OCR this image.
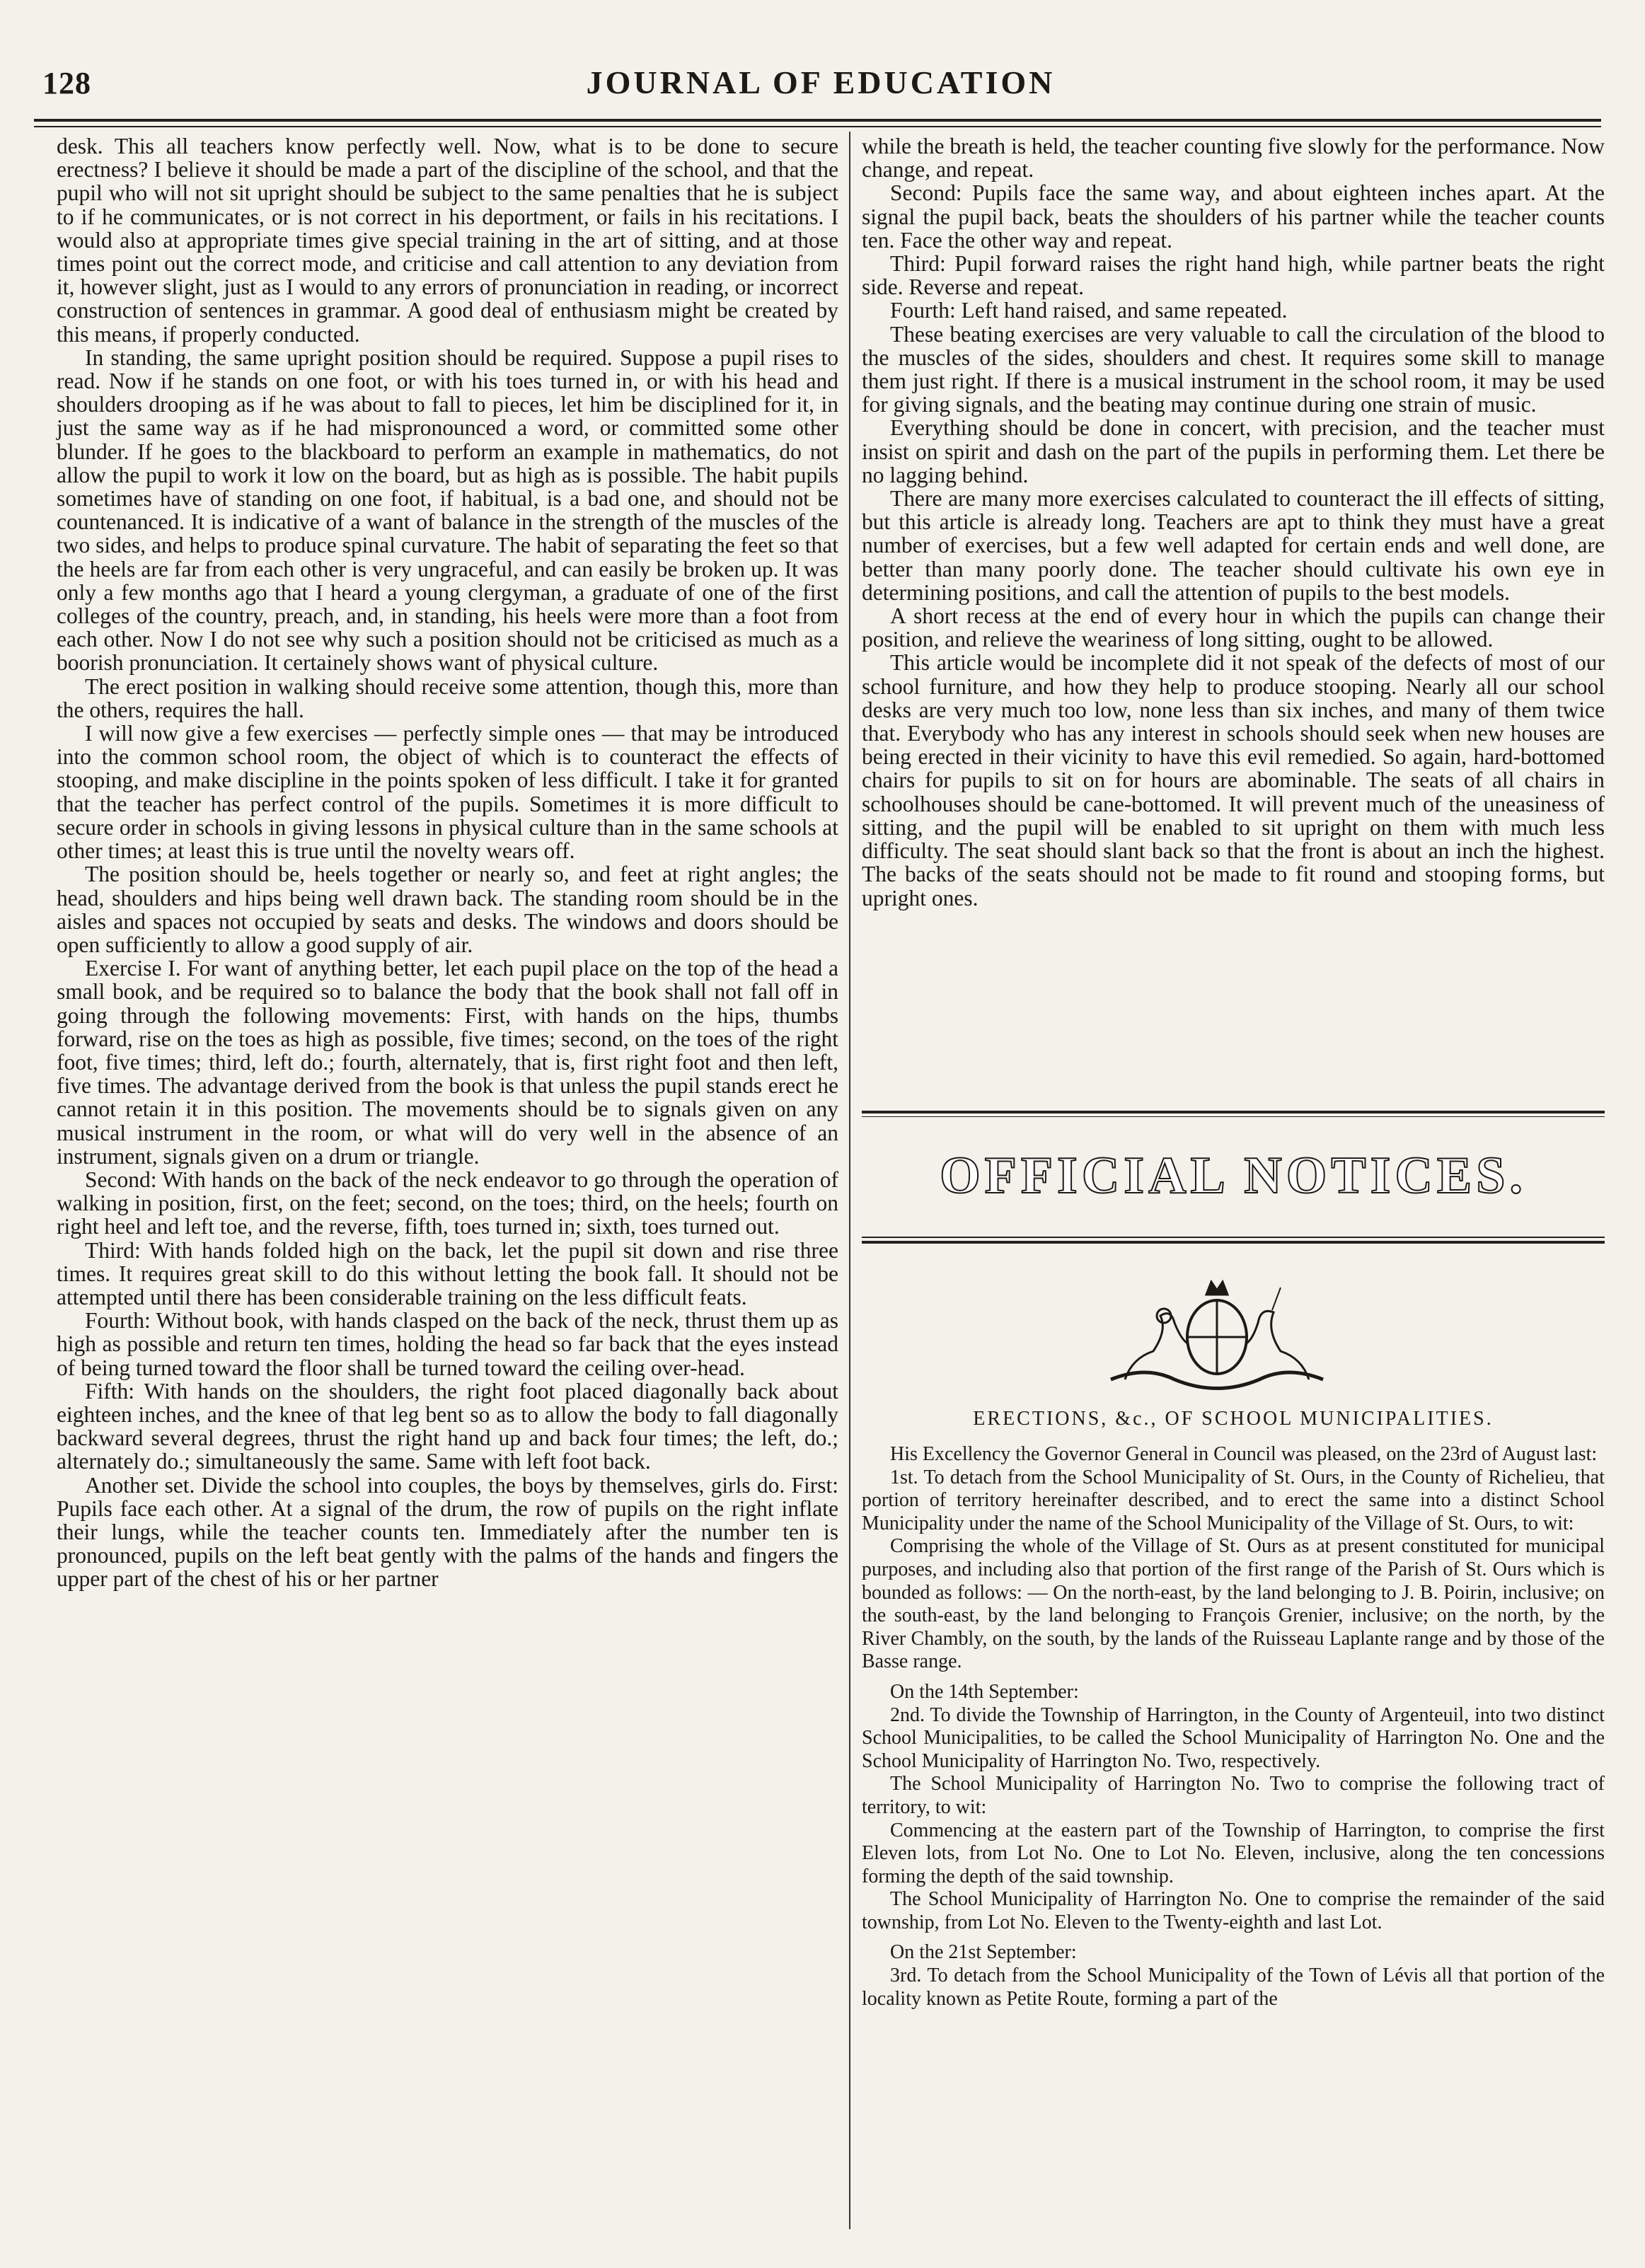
128	JOURNAL OF EDUCATION

desk. This all teachers know perfectly well. Now, what is to be done to secure erectness? I believe it should be made a part of the discipline of the school, and that the pupil who will not sit upright should be subject to the same penalties that he is subject to if he communicates, or is not correct in his deportment, or fails in his recitations. I would also at appropriate times give special training in the art of sitting, and at those times point out the correct mode, and criticise and call attention to any deviation from it, however slight, just as I would to any errors of pronunciation in reading, or incorrect construction of sentences in grammar. A good deal of enthusiasm might be created by this means, if properly conducted.

In standing, the same upright position should be required. Suppose a pupil rises to read. Now if he stands on one foot, or with his toes turned in, or with his head and shoulders drooping as if he was about to fall to pieces, let him be disciplined for it, in just the same way as if he had mispronounced a word, or committed some other blunder. If he goes to the blackboard to perform an example in mathematics, do not allow the pupil to work it low on the board, but as high as is possible. The habit pupils sometimes have of standing on one foot, if habitual, is a bad one, and should not be countenanced. It is indicative of a want of balance in the strength of the muscles of the two sides, and helps to produce spinal curvature. The habit of separating the feet so that the heels are far from each other is very ungraceful, and can easily be broken up. It was only a few months ago that I heard a young clergyman, a graduate of one of the first colleges of the country, preach, and, in standing, his heels were more than a foot from each other. Now I do not see why such a position should not be criticised as much as a boorish pronunciation. It certainely shows want of physical culture.

The erect position in walking should receive some attention, though this, more than the others, requires the hall.

I will now give a few exercises — perfectly simple ones — that may be introduced into the common school room, the object of which is to counteract the effects of stooping, and make discipline in the points spoken of less difficult. I take it for granted that the teacher has perfect control of the pupils. Sometimes it is more difficult to secure order in schools in giving lessons in physical culture than in the same schools at other times; at least this is true until the novelty wears off.

The position should be, heels together or nearly so, and feet at right angles; the head, shoulders and hips being well drawn back. The standing room should be in the aisles and spaces not occupied by seats and desks. The windows and doors should be open sufficiently to allow a good supply of air.

Exercise I. For want of anything better, let each pupil place on the top of the head a small book, and be required so to balance the body that the book shall not fall off in going through the following movements: First, with hands on the hips, thumbs forward, rise on the toes as high as possible, five times; second, on the toes of the right foot, five times; third, left do.; fourth, alternately, that is, first right foot and then left, five times. The advantage derived from the book is that unless the pupil stands erect he cannot retain it in this position. The movements should be to signals given on any musical instrument in the room, or what will do very well in the absence of an instrument, signals given on a drum or triangle.

Second: With hands on the back of the neck endeavor to go through the operation of walking in position, first, on the feet; second, on the toes; third, on the heels; fourth on right heel and left toe, and the reverse, fifth, toes turned in; sixth, toes turned out.

Third: With hands folded high on the back, let the pupil sit down and rise three times. It requires great skill to do this without letting the book fall. It should not be attempted until there has been considerable training on the less difficult feats.

Fourth: Without book, with hands clasped on the back of the neck, thrust them up as high as possible and return ten times, holding the head so far back that the eyes instead of being turned toward the floor shall be turned toward the ceiling over-head.

Fifth: With hands on the shoulders, the right foot placed diagonally back about eighteen inches, and the knee of that leg bent so as to allow the body to fall diagonally backward several degrees, thrust the right hand up and back four times; the left, do.; alternately do.; simultaneously the same. Same with left foot back.

Another set. Divide the school into couples, the boys by themselves, girls do. First: Pupils face each other. At a signal of the drum, the row of pupils on the right inflate their lungs, while the teacher counts ten. Immediately after the number ten is pronounced, pupils on the left beat gently with the palms of the hands and fingers the upper part of the chest of his or her partner

while the breath is held, the teacher counting five slowly for the performance. Now change, and repeat.

Second: Pupils face the same way, and about eighteen inches apart. At the signal the pupil back, beats the shoulders of his partner while the teacher counts ten. Face the other way and repeat.

Third: Pupil forward raises the right hand high, while partner beats the right side. Reverse and repeat.

Fourth: Left hand raised, and same repeated.

These beating exercises are very valuable to call the circulation of the blood to the muscles of the sides, shoulders and chest. It requires some skill to manage them just right. If there is a musical instrument in the school room, it may be used for giving signals, and the beating may continue during one strain of music.

Everything should be done in concert, with precision, and the teacher must insist on spirit and dash on the part of the pupils in performing them. Let there be no lagging behind.

There are many more exercises calculated to counteract the ill effects of sitting, but this article is already long. Teachers are apt to think they must have a great number of exercises, but a few well adapted for certain ends and well done, are better than many poorly done. The teacher should cultivate his own eye in determining positions, and call the attention of pupils to the best models.

A short recess at the end of every hour in which the pupils can change their position, and relieve the weariness of long sitting, ought to be allowed.

This article would be incomplete did it not speak of the defects of most of our school furniture, and how they help to produce stooping. Nearly all our school desks are very much too low, none less than six inches, and many of them twice that. Everybody who has any interest in schools should seek when new houses are being erected in their vicinity to have this evil remedied. So again, hard-bottomed chairs for pupils to sit on for hours are abominable. The seats of all chairs in schoolhouses should be cane-bottomed. It will prevent much of the uneasiness of sitting, and the pupil will be enabled to sit upright on them with much less difficulty. The seat should slant back so that the front is about an inch the highest. The backs of the seats should not be made to fit round and stooping forms, but upright ones.

OFFICIAL NOTICES.
ERECTIONS, &c., OF SCHOOL MUNICIPALITIES.

His Excellency the Governor General in Council was pleased, on the 23rd of August last:

1st. To detach from the School Municipality of St. Ours, in the County of Richelieu, that portion of territory hereinafter described, and to erect the same into a distinct School Municipality under the name of the School Municipality of the Village of St. Ours, to wit:

Comprising the whole of the Village of St. Ours as at present constituted for municipal purposes, and including also that portion of the first range of the Parish of St. Ours which is bounded as follows: — On the north-east, by the land belonging to J. B. Poirin, inclusive; on the south-east, by the land belonging to François Grenier, inclusive; on the north, by the River Chambly, on the south, by the lands of the Ruisseau Laplante range and by those of the Basse range.

On the 14th September:

2nd. To divide the Township of Harrington, in the County of Argenteuil, into two distinct School Municipalities, to be called the School Municipality of Harrington No. One and the School Municipality of Harrington No. Two, respectively.

The School Municipality of Harrington No. Two to comprise the following tract of territory, to wit:

Commencing at the eastern part of the Township of Harrington, to comprise the first Eleven lots, from Lot No. One to Lot No. Eleven, inclusive, along the ten concessions forming the depth of the said township.

The School Municipality of Harrington No. One to comprise the remainder of the said township, from Lot No. Eleven to the Twenty-eighth and last Lot.

On the 21st September:

3rd. To detach from the School Municipality of the Town of Lévis all that portion of the locality known as Petite Route, forming a part of the
